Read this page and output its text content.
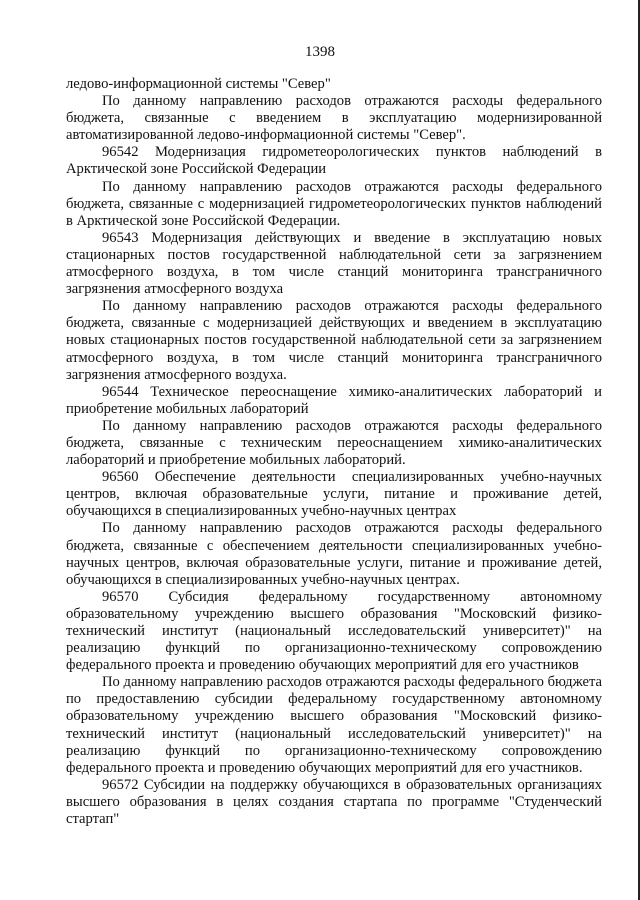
1398

ледово-информационной системы "Север"

По данному направлению расходов отражаются расходы федерального бюджета, связанные с введением в эксплуатацию модернизированной автоматизированной ледово-информационной системы "Север".

96542 Модернизация гидрометеорологических пунктов наблюдений в Арктической зоне Российской Федерации

По данному направлению расходов отражаются расходы федерального бюджета, связанные с модернизацией гидрометеорологических пунктов наблюдений в Арктической зоне Российской Федерации.

96543 Модернизация действующих и введение в эксплуатацию новых стационарных постов государственной наблюдательной сети за загрязнением атмосферного воздуха, в том числе станций мониторинга трансграничного загрязнения атмосферного воздуха

По данному направлению расходов отражаются расходы федерального бюджета, связанные с модернизацией действующих и введением в эксплуатацию новых стационарных постов государственной наблюдательной сети за загрязнением атмосферного воздуха, в том числе станций мониторинга трансграничного загрязнения атмосферного воздуха.

96544 Техническое переоснащение химико-аналитических лабораторий и приобретение мобильных лабораторий

По данному направлению расходов отражаются расходы федерального бюджета, связанные с техническим переоснащением химико-аналитических лабораторий и приобретение мобильных лабораторий.

96560 Обеспечение деятельности специализированных учебно-научных центров, включая образовательные услуги, питание и проживание детей, обучающихся в специализированных учебно-научных центрах

По данному направлению расходов отражаются расходы федерального бюджета, связанные с обеспечением деятельности специализированных учебно-научных центров, включая образовательные услуги, питание и проживание детей, обучающихся в специализированных учебно-научных центрах.

96570 Субсидия федеральному государственному автономному образовательному учреждению высшего образования "Московский физико-технический институт (национальный исследовательский университет)" на реализацию функций по организационно-техническому сопровождению федерального проекта и проведению обучающих мероприятий для его участников

По данному направлению расходов отражаются расходы федерального бюджета по предоставлению субсидии федеральному государственному автономному образовательному учреждению высшего образования "Московский физико-технический институт (национальный исследовательский университет)" на реализацию функций по организационно-техническому сопровождению федерального проекта и проведению обучающих мероприятий для его участников.

96572 Субсидии на поддержку обучающихся в образовательных организациях высшего образования в целях создания стартапа по программе "Студенческий стартап"
